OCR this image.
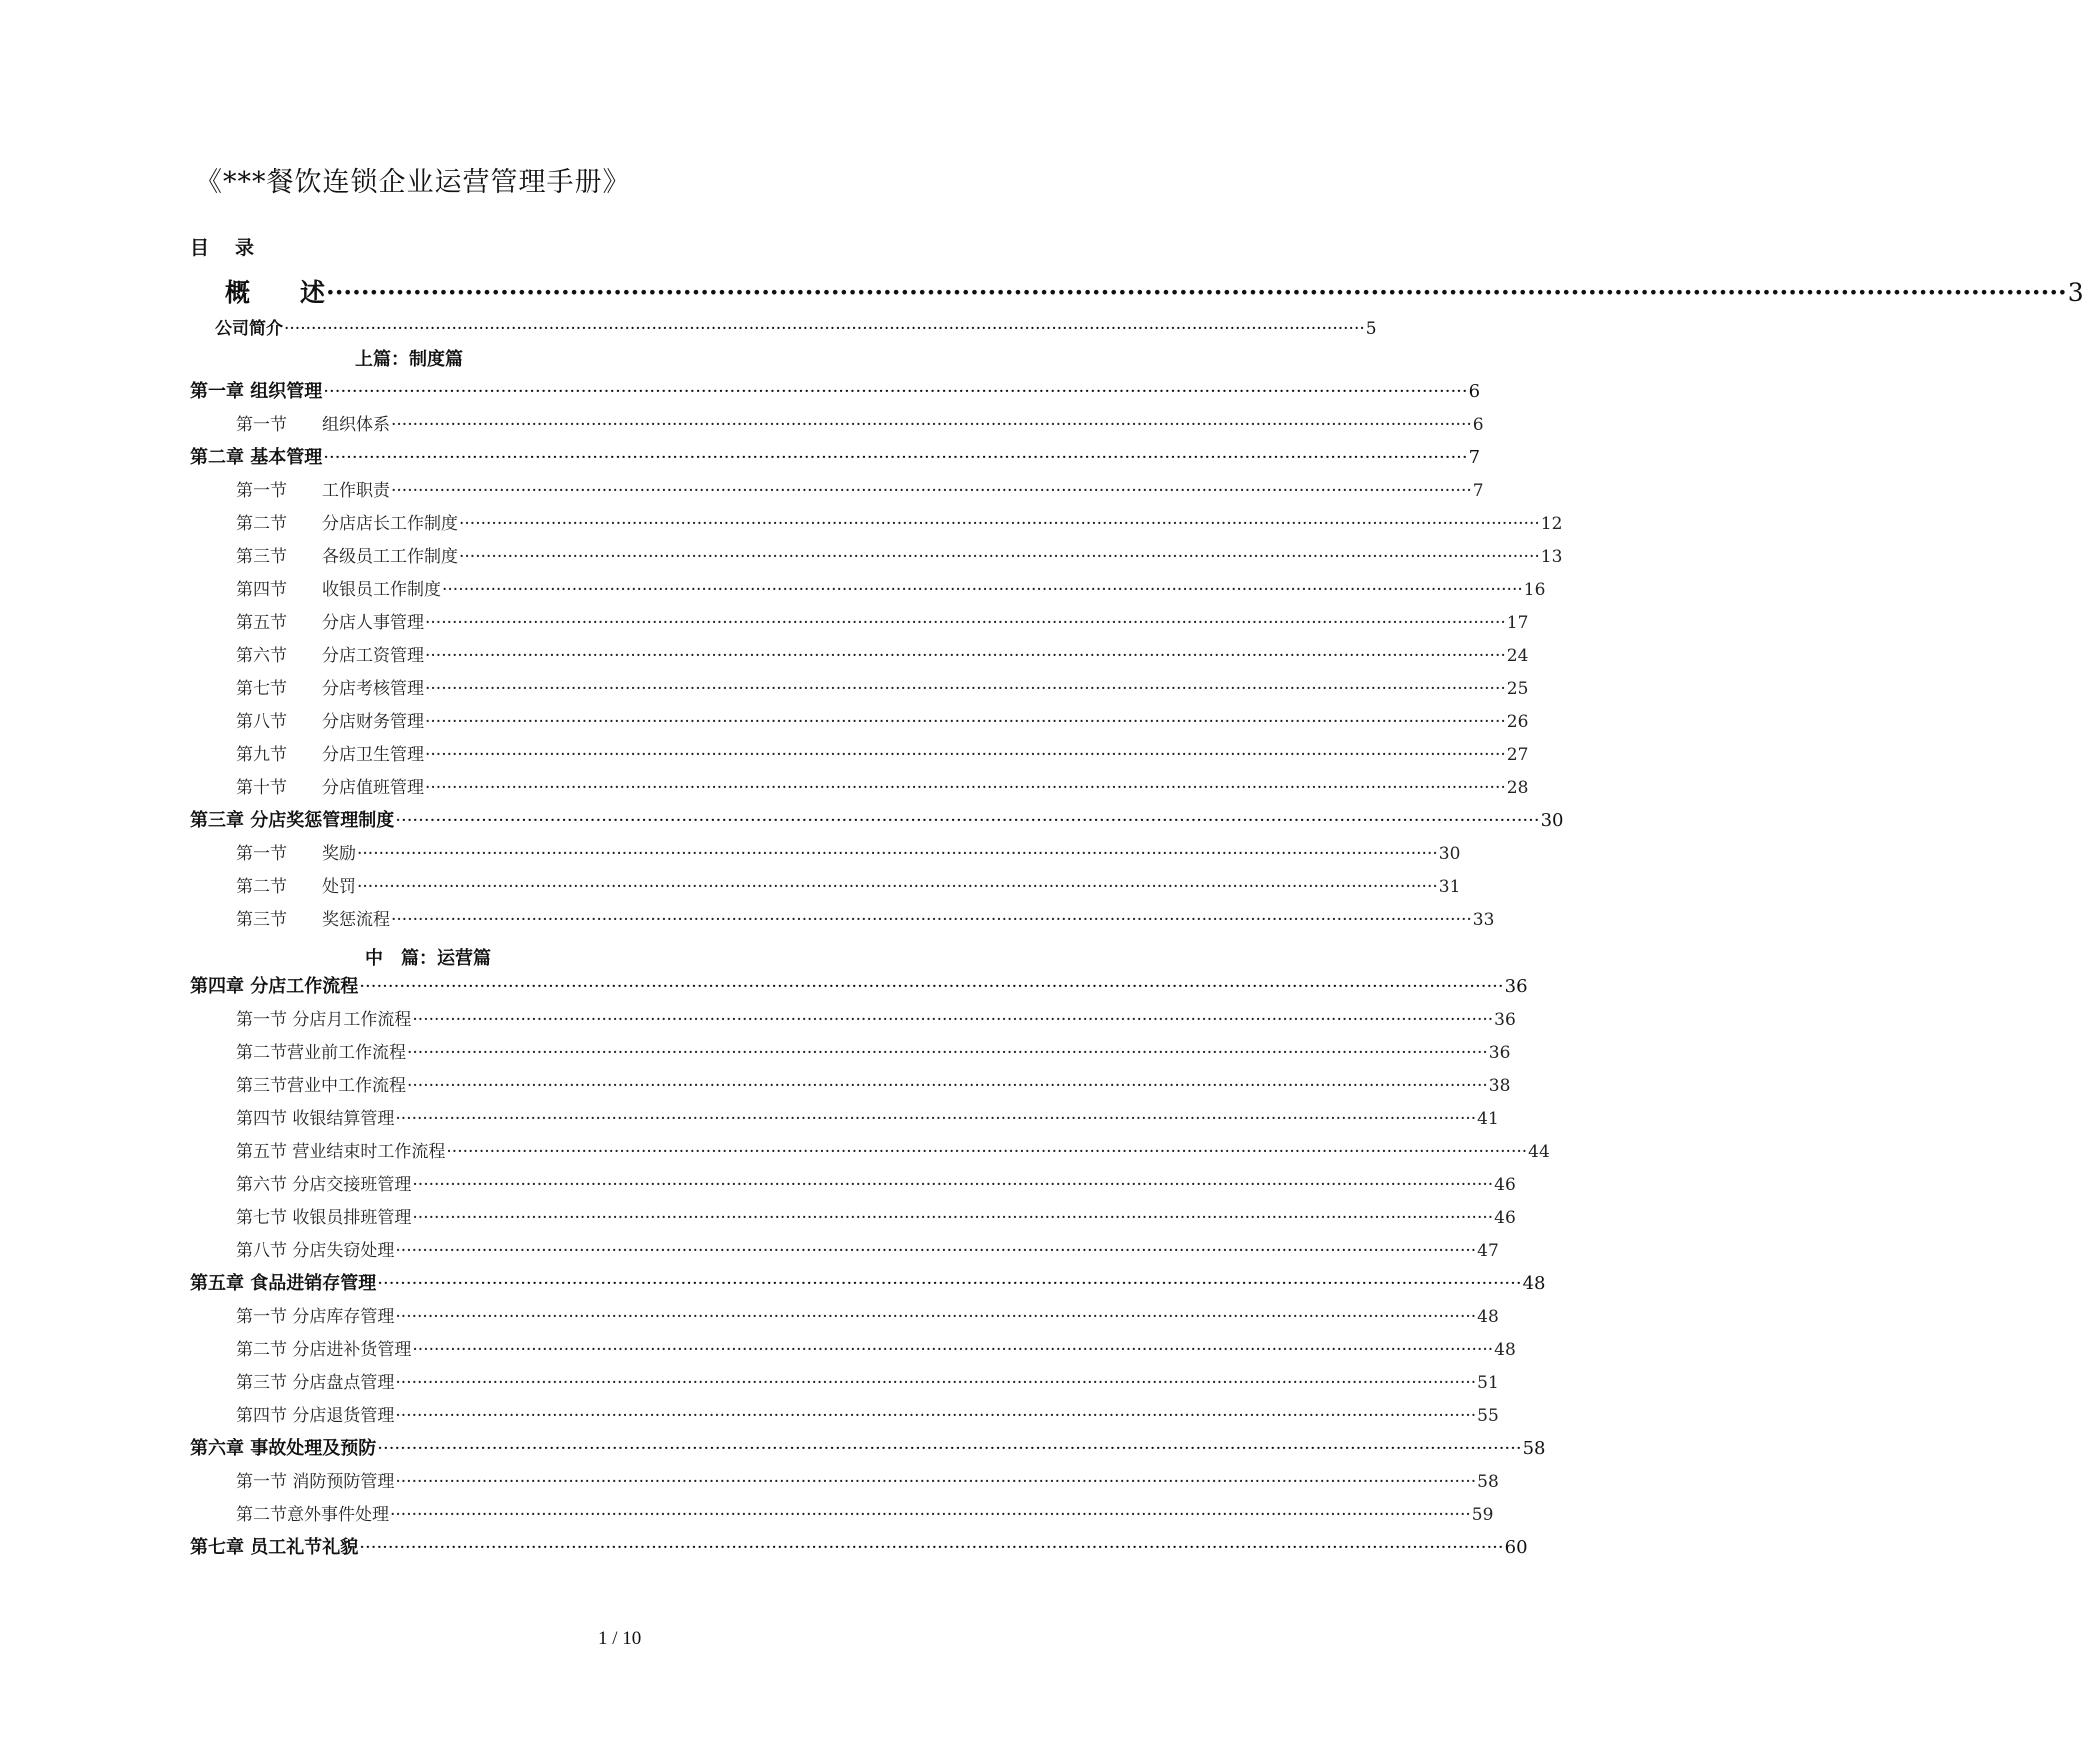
《***餐饮连锁企业运营管理手册》
目 录
概　　述 ········································································································································································································ 3
公司简介 ········································································································································································································ 5
上篇：制度篇
中　篇：运营篇
第一章 组织管理 ········································································································································································································ 6
第一节	组织体系 ········································································································································································································ 6
第二章 基本管理 ········································································································································································································ 7
第一节	工作职责 ········································································································································································································ 7
第二节	分店店长工作制度 ········································································································································································································ 12
第三节	各级员工工作制度 ········································································································································································································ 13
第四节	收银员工作制度 ········································································································································································································ 16
第五节	分店人事管理 ········································································································································································································ 17
第六节	分店工资管理 ········································································································································································································ 24
第七节	分店考核管理 ········································································································································································································ 25
第八节	分店财务管理 ········································································································································································································ 26
第九节	分店卫生管理 ········································································································································································································ 27
第十节	分店值班管理 ········································································································································································································ 28
第三章 分店奖惩管理制度 ········································································································································································································ 30
第一节	奖励 ········································································································································································································ 30
第二节	处罚 ········································································································································································································ 31
第三节	奖惩流程 ········································································································································································································ 33
第四章 分店工作流程 ········································································································································································································ 36
第一节 分店月工作流程 ········································································································································································································ 36
第二节营业前工作流程 ········································································································································································································ 36
第三节营业中工作流程 ········································································································································································································ 38
第四节 收银结算管理 ········································································································································································································ 41
第五节 营业结束时工作流程 ········································································································································································································ 44
第六节 分店交接班管理 ········································································································································································································ 46
第七节 收银员排班管理 ········································································································································································································ 46
第八节 分店失窃处理 ········································································································································································································ 47
第五章 食品进销存管理 ········································································································································································································ 48
第一节 分店库存管理 ········································································································································································································ 48
第二节 分店进补货管理 ········································································································································································································ 48
第三节 分店盘点管理 ········································································································································································································ 51
第四节 分店退货管理 ········································································································································································································ 55
第六章 事故处理及预防 ········································································································································································································ 58
第一节 消防预防管理 ········································································································································································································ 58
第二节意外事件处理 ········································································································································································································ 59
第七章 员工礼节礼貌 ········································································································································································································ 60
1 / 10
